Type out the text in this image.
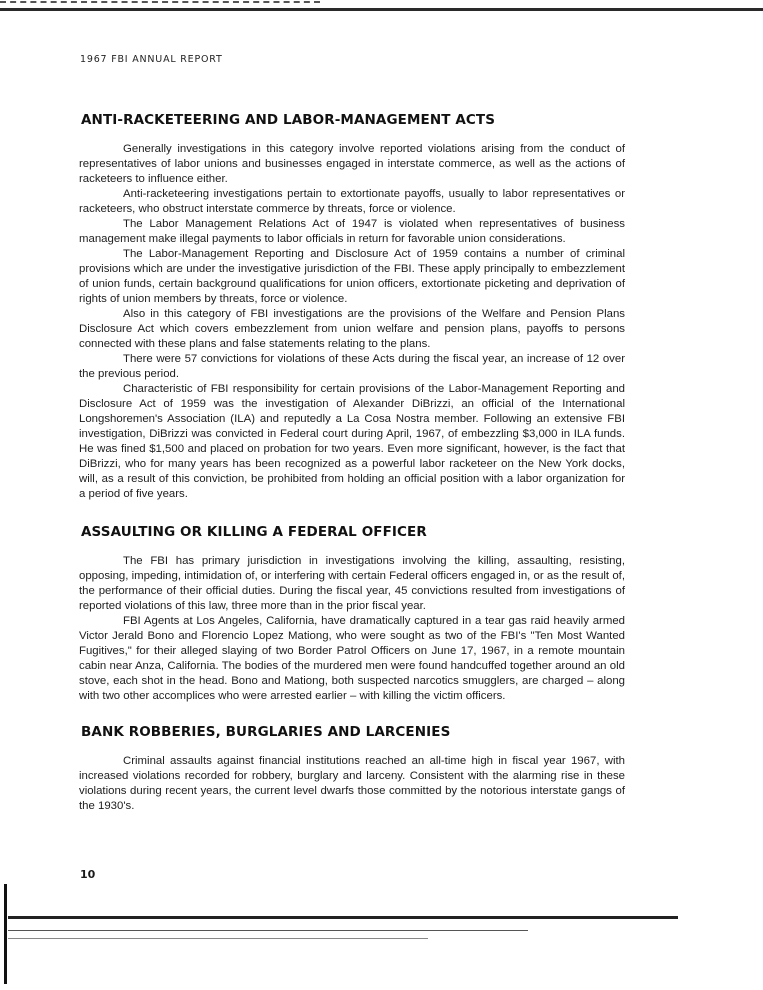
1967 FBI ANNUAL REPORT
ANTI-RACKETEERING AND LABOR-MANAGEMENT ACTS

Generally investigations in this category involve reported violations arising from the conduct of representatives of labor unions and businesses engaged in interstate commerce, as well as the actions of racketeers to influence either.

Anti-racketeering investigations pertain to extortionate payoffs, usually to labor representatives or racketeers, who obstruct interstate commerce by threats, force or violence.

The Labor Management Relations Act of 1947 is violated when representatives of business management make illegal payments to labor officials in return for favorable union considerations.

The Labor-Management Reporting and Disclosure Act of 1959 contains a number of criminal provisions which are under the investigative jurisdiction of the FBI. These apply principally to embezzlement of union funds, certain background qualifications for union officers, extortionate picketing and deprivation of rights of union members by threats, force or violence.

Also in this category of FBI investigations are the provisions of the Welfare and Pension Plans Disclosure Act which covers embezzlement from union welfare and pension plans, payoffs to persons connected with these plans and false statements relating to the plans.

There were 57 convictions for violations of these Acts during the fiscal year, an increase of 12 over the previous period.

Characteristic of FBI responsibility for certain provisions of the Labor-Management Reporting and Disclosure Act of 1959 was the investigation of Alexander DiBrizzi, an official of the International Longshoremen's Association (ILA) and reputedly a La Cosa Nostra member. Following an extensive FBI investigation, DiBrizzi was convicted in Federal court during April, 1967, of embezzling $3,000 in ILA funds. He was fined $1,500 and placed on probation for two years. Even more significant, however, is the fact that DiBrizzi, who for many years has been recognized as a powerful labor racketeer on the New York docks, will, as a result of this conviction, be prohibited from holding an official position with a labor organization for a period of five years.

ASSAULTING OR KILLING A FEDERAL OFFICER

The FBI has primary jurisdiction in investigations involving the killing, assaulting, resisting, opposing, impeding, intimidation of, or interfering with certain Federal officers engaged in, or as the result of, the performance of their official duties. During the fiscal year, 45 convictions resulted from investigations of reported violations of this law, three more than in the prior fiscal year.

FBI Agents at Los Angeles, California, have dramatically captured in a tear gas raid heavily armed Victor Jerald Bono and Florencio Lopez Mationg, who were sought as two of the FBI's "Ten Most Wanted Fugitives," for their alleged slaying of two Border Patrol Officers on June 17, 1967, in a remote mountain cabin near Anza, California. The bodies of the murdered men were found handcuffed together around an old stove, each shot in the head. Bono and Mationg, both suspected narcotics smugglers, are charged – along with two other accomplices who were arrested earlier – with killing the victim officers.

BANK ROBBERIES, BURGLARIES AND LARCENIES

Criminal assaults against financial institutions reached an all-time high in fiscal year 1967, with increased violations recorded for robbery, burglary and larceny. Consistent with the alarming rise in these violations during recent years, the current level dwarfs those committed by the notorious interstate gangs of the 1930's.

10
